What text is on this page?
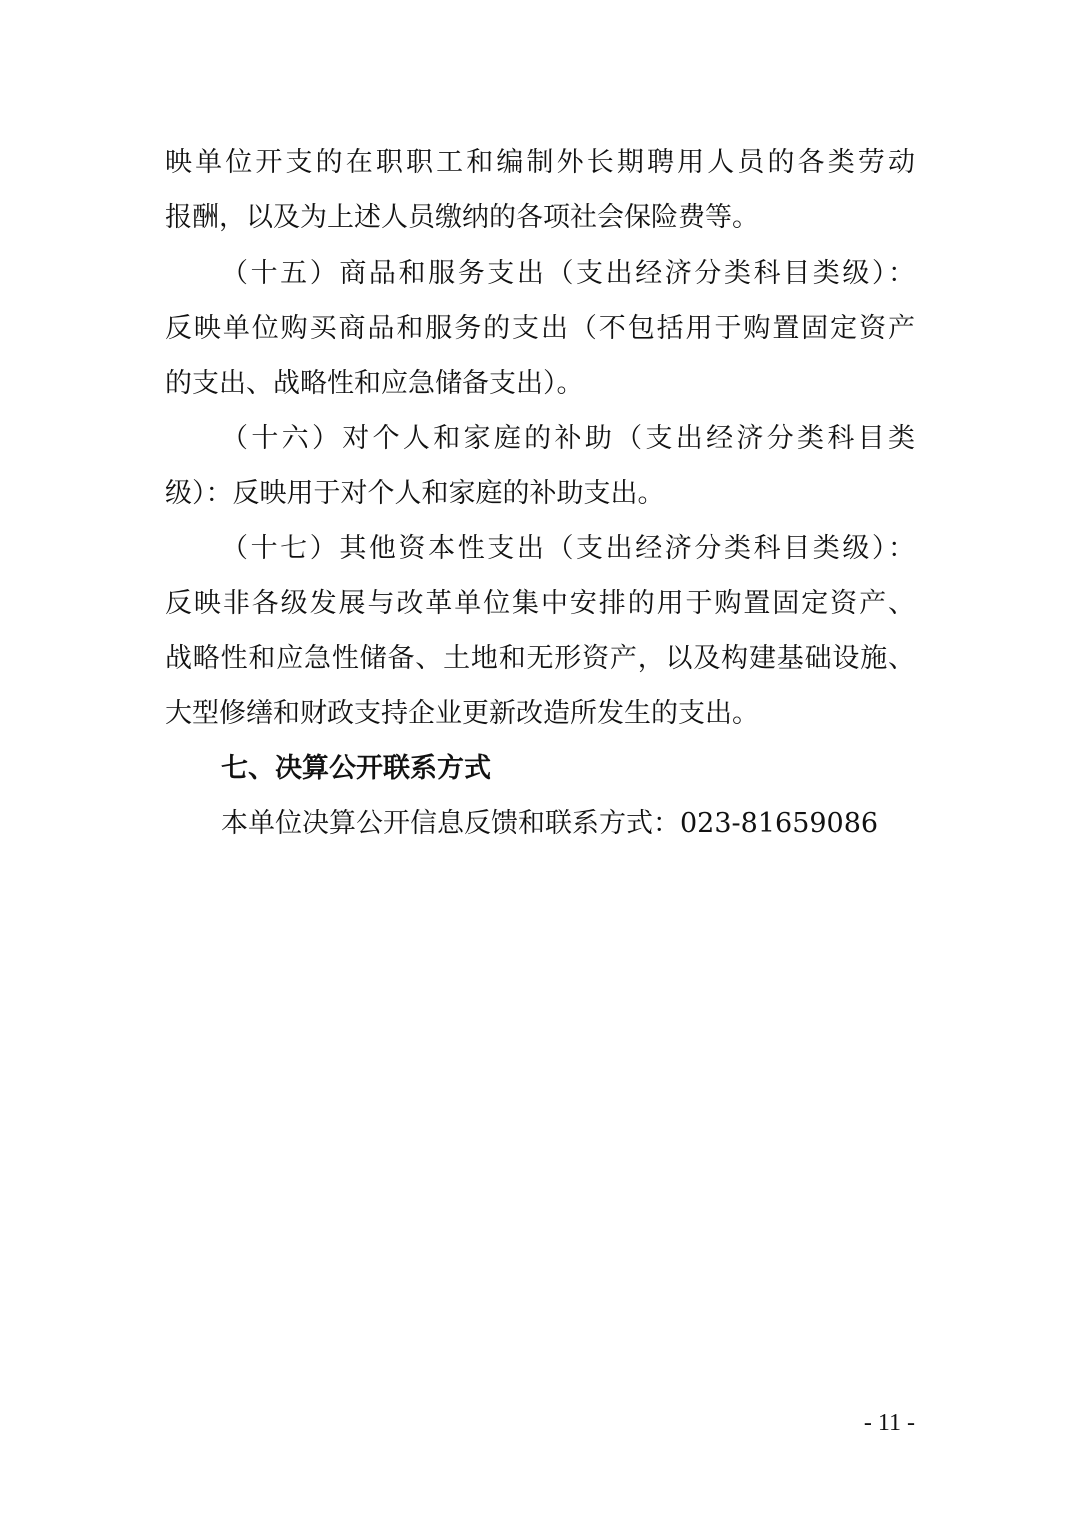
映单位开支的在职职工和编制外长期聘用人员的各类劳动
报酬，以及为上述人员缴纳的各项社会保险费等。
（十五）商品和服务支出（支出经济分类科目类级）：
反映单位购买商品和服务的支出（不包括用于购置固定资产
的支出、战略性和应急储备支出）。
（十六）对个人和家庭的补助（支出经济分类科目类
级）：反映用于对个人和家庭的补助支出。
（十七）其他资本性支出（支出经济分类科目类级）：
反映非各级发展与改革单位集中安排的用于购置固定资产、
战略性和应急性储备、土地和无形资产，以及构建基础设施、
大型修缮和财政支持企业更新改造所发生的支出。
七、决算公开联系方式
本单位决算公开信息反馈和联系方式：023-81659086
- 11 -
